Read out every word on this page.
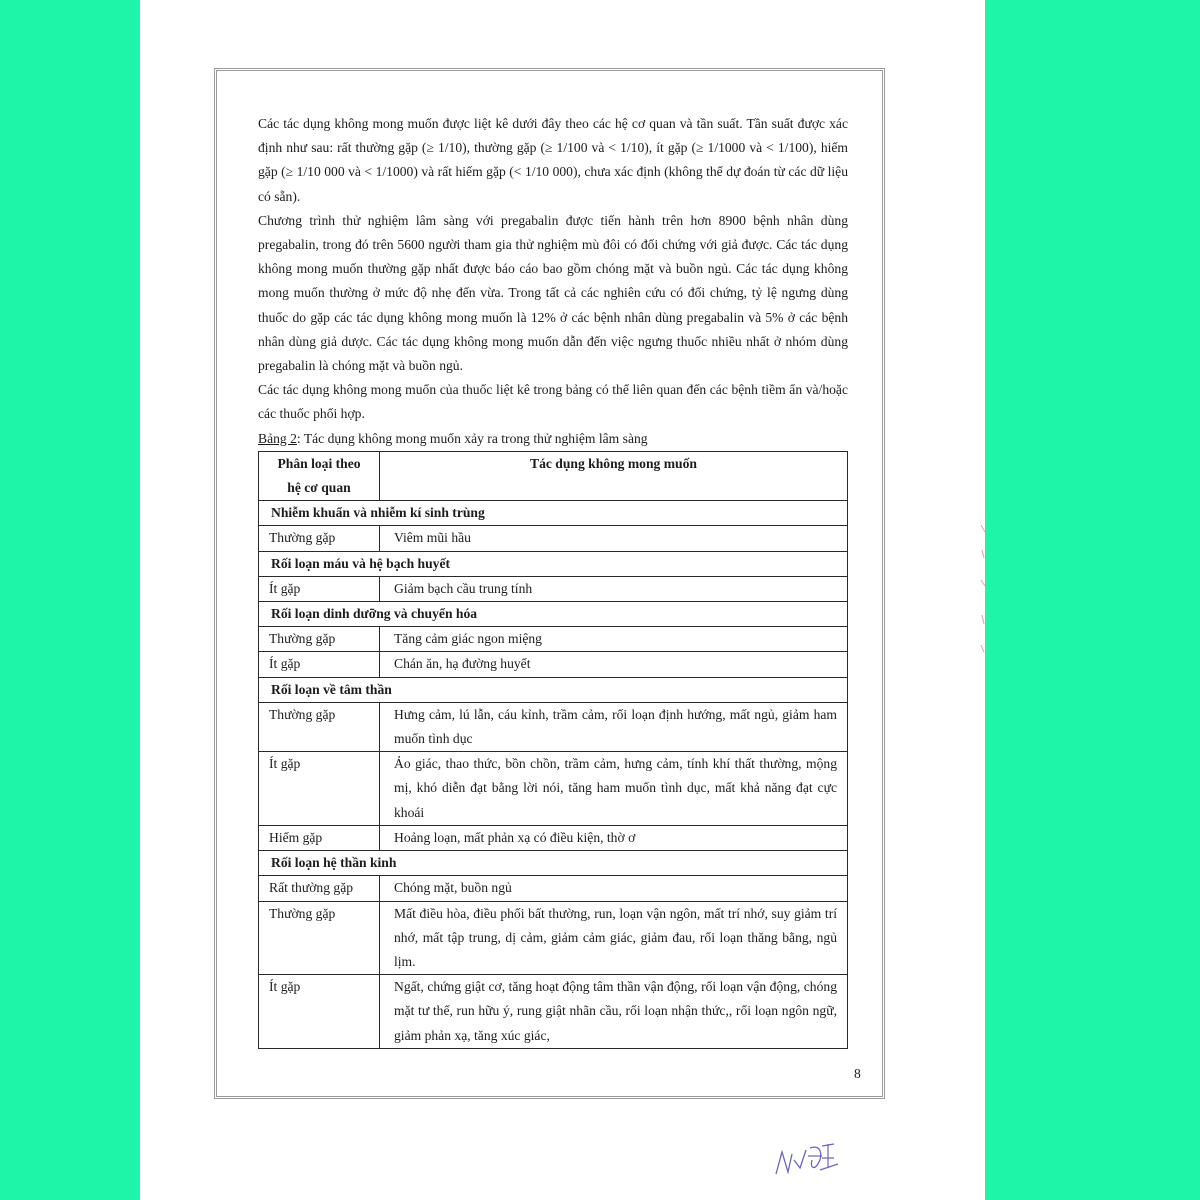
Các tác dụng không mong muốn được liệt kê dưới đây theo các hệ cơ quan và tần suất. Tần suất được xác định như sau: rất thường gặp (≥ 1/10), thường gặp (≥ 1/100 và < 1/10), ít gặp (≥ 1/1000 và < 1/100), hiếm gặp (≥ 1/10 000 và < 1/1000) và rất hiếm gặp (< 1/10 000), chưa xác định (không thể dự đoán từ các dữ liệu có sẵn).

Chương trình thử nghiệm lâm sàng với pregabalin được tiến hành trên hơn 8900 bệnh nhân dùng pregabalin, trong đó trên 5600 người tham gia thử nghiệm mù đôi có đối chứng với giả được. Các tác dụng không mong muốn thường gặp nhất được báo cáo bao gồm chóng mặt và buồn ngủ. Các tác dụng không mong muốn thường ở mức độ nhẹ đến vừa. Trong tất cả các nghiên cứu có đối chứng, tỷ lệ ngưng dùng thuốc do gặp các tác dụng không mong muốn là 12% ở các bệnh nhân dùng pregabalin và 5% ở các bệnh nhân dùng giả dược. Các tác dụng không mong muốn dẫn đến việc ngưng thuốc nhiều nhất ở nhóm dùng pregabalin là chóng mặt và buồn ngủ.

Các tác dụng không mong muốn của thuốc liệt kê trong bảng có thể liên quan đến các bệnh tiềm ẩn và/hoặc các thuốc phối hợp.

Bảng 2: Tác dụng không mong muốn xảy ra trong thử nghiệm lâm sàng

Phân loại theo
hệ cơ quan	Tác dụng không mong muốn
Nhiễm khuẩn và nhiễm kí sinh trùng	
Thường gặp	Viêm mũi hầu
Rối loạn máu và hệ bạch huyết	
Ít gặp	Giảm bạch cầu trung tính
Rối loạn dinh dưỡng và chuyển hóa	
Thường gặp	Tăng cảm giác ngon miệng
Ít gặp	Chán ăn, hạ đường huyết
Rối loạn về tâm thần	
Thường gặp	Hưng cảm, lú lẫn, cáu kỉnh, trầm cảm, rối loạn định hướng, mất ngủ, giảm ham muốn tình dục
Ít gặp	Ảo giác, thao thức, bồn chồn, trầm cảm, hưng cảm, tính khí thất thường, mộng mị, khó diễn đạt bằng lời nói, tăng ham muốn tình dục, mất khả năng đạt cực khoái
Hiếm gặp	Hoảng loạn, mất phản xạ có điều kiện, thờ ơ
Rối loạn hệ thần kinh	
Rất thường gặp	Chóng mặt, buồn ngủ
Thường gặp	Mất điều hòa, điều phối bất thường, run, loạn vận ngôn, mất trí nhớ, suy giảm trí nhớ, mất tập trung, dị cảm, giảm cảm giác, giảm đau, rối loạn thăng bằng, ngủ lịm.
Ít gặp	Ngất, chứng giật cơ, tăng hoạt động tâm thần vận động, rối loạn vận động, chóng mặt tư thế, run hữu ý, rung giật nhãn cầu, rối loạn nhận thức,, rối loạn ngôn ngữ, giảm phản xạ, tăng xúc giác,
8
